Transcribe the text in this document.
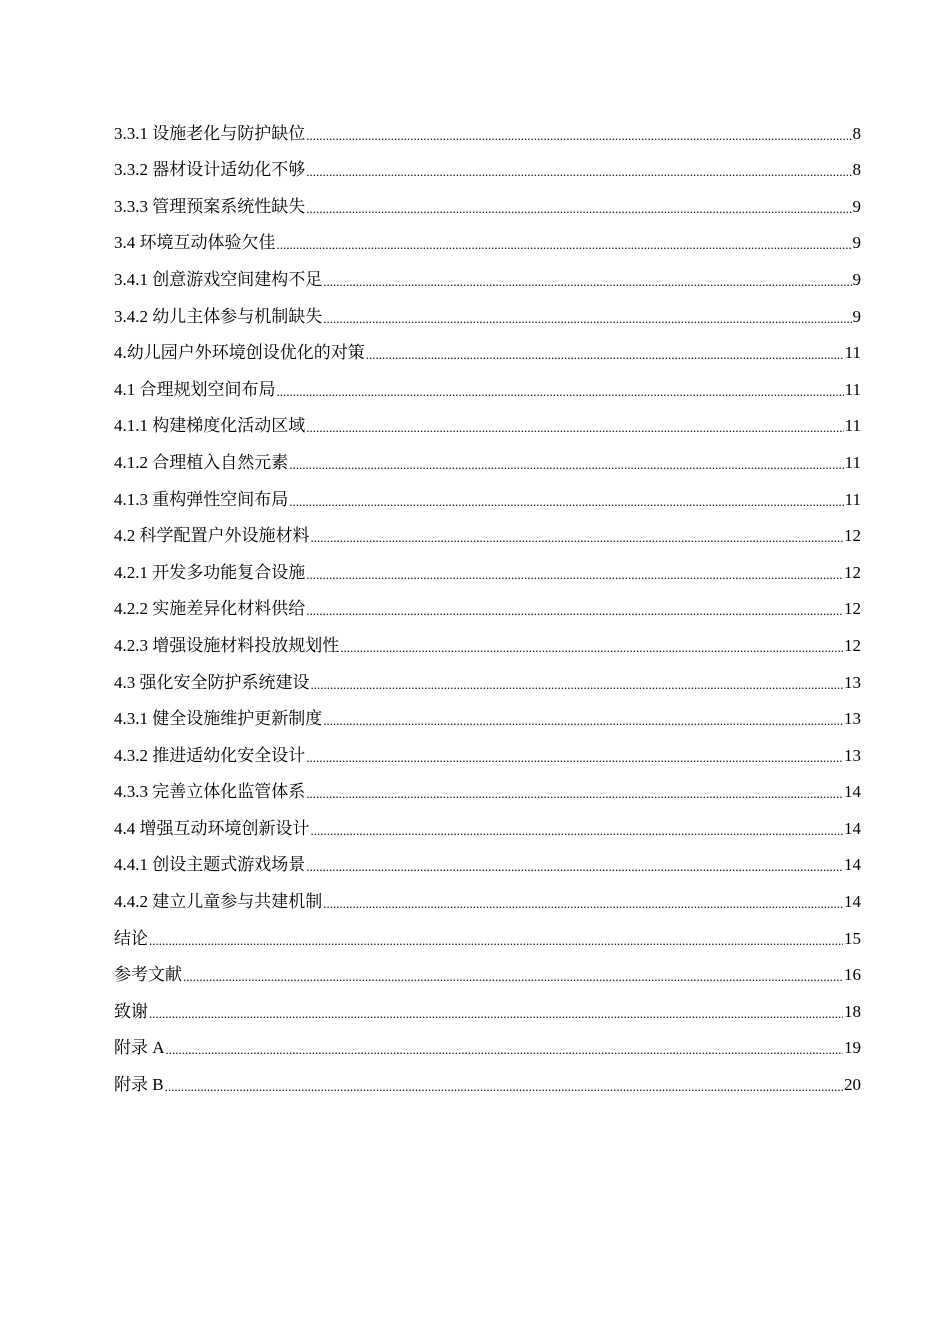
3.3.1 设施老化与防护缺位 .....	8
3.3.2 器材设计适幼化不够 .....	8
3.3.3 管理预案系统性缺失 .....	9
3.4 环境互动体验欠佳 .....	9
3.4.1 创意游戏空间建构不足 .....	9
3.4.2 幼儿主体参与机制缺失 .....	9
4.幼儿园户外环境创设优化的对策 .....	11
4.1 合理规划空间布局 .....	11
4.1.1 构建梯度化活动区域 .....	11
4.1.2 合理植入自然元素 .....	11
4.1.3 重构弹性空间布局 .....	11
4.2 科学配置户外设施材料 .....	12
4.2.1 开发多功能复合设施 .....	12
4.2.2 实施差异化材料供给 .....	12
4.2.3 增强设施材料投放规划性 .....	12
4.3 强化安全防护系统建设 .....	13
4.3.1 健全设施维护更新制度 .....	13
4.3.2 推进适幼化安全设计 .....	13
4.3.3 完善立体化监管体系 .....	14
4.4 增强互动环境创新设计 .....	14
4.4.1 创设主题式游戏场景 .....	14
4.4.2 建立儿童参与共建机制 .....	14
结论 .....	15
参考文献 .....	16
致谢 .....	18
附录 A .....	19
附录 B .....	20
